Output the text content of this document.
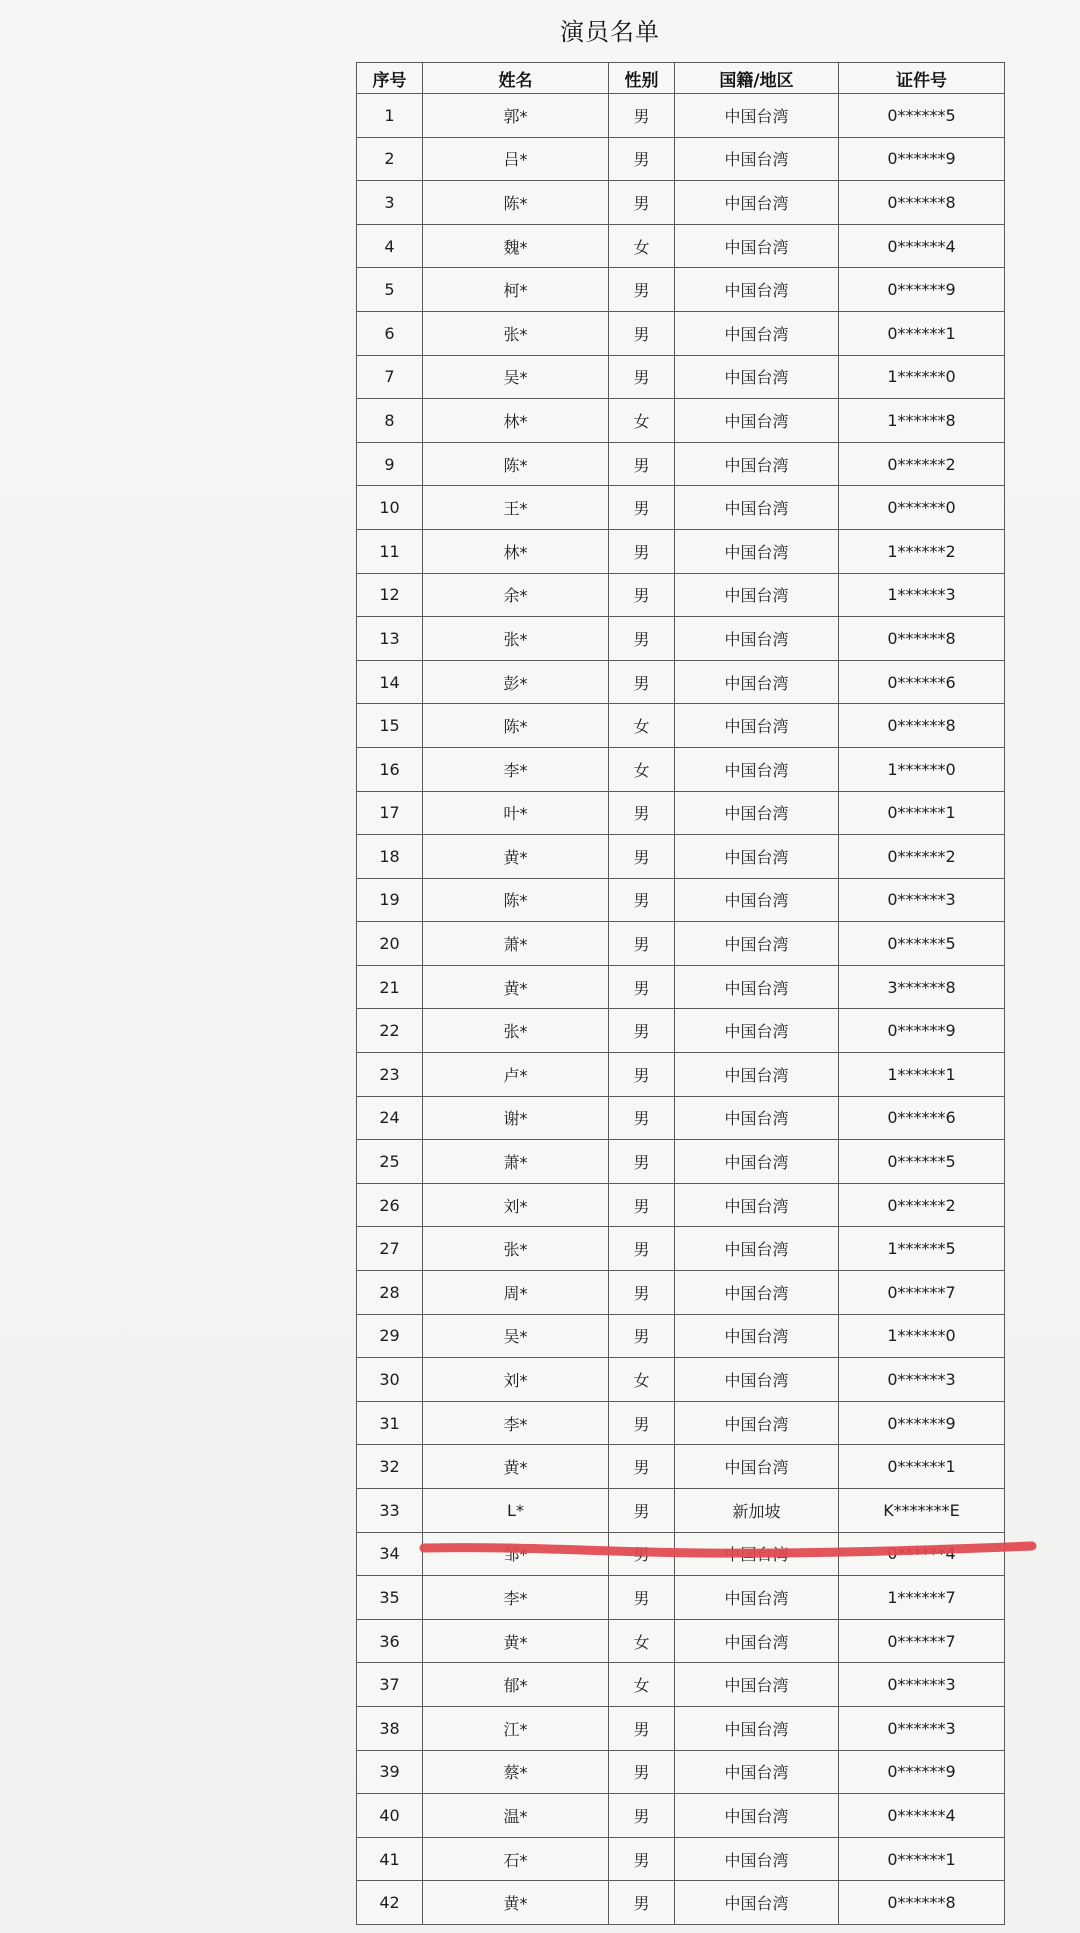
演员名单
序号	姓名	性别	国籍/地区	证件号
1	郭*	男	中国台湾	0******5
2	吕*	男	中国台湾	0******9
3	陈*	男	中国台湾	0******8
4	魏*	女	中国台湾	0******4
5	柯*	男	中国台湾	0******9
6	张*	男	中国台湾	0******1
7	吴*	男	中国台湾	1******0
8	林*	女	中国台湾	1******8
9	陈*	男	中国台湾	0******2
10	王*	男	中国台湾	0******0
11	林*	男	中国台湾	1******2
12	余*	男	中国台湾	1******3
13	张*	男	中国台湾	0******8
14	彭*	男	中国台湾	0******6
15	陈*	女	中国台湾	0******8
16	李*	女	中国台湾	1******0
17	叶*	男	中国台湾	0******1
18	黄*	男	中国台湾	0******2
19	陈*	男	中国台湾	0******3
20	萧*	男	中国台湾	0******5
21	黄*	男	中国台湾	3******8
22	张*	男	中国台湾	0******9
23	卢*	男	中国台湾	1******1
24	谢*	男	中国台湾	0******6
25	萧*	男	中国台湾	0******5
26	刘*	男	中国台湾	0******2
27	张*	男	中国台湾	1******5
28	周*	男	中国台湾	0******7
29	吴*	男	中国台湾	1******0
30	刘*	女	中国台湾	0******3
31	李*	男	中国台湾	0******9
32	黄*	男	中国台湾	0******1
33	L*	男	新加坡	K*******E
34	邹*	男	中国台湾	0******4
35	李*	男	中国台湾	1******7
36	黄*	女	中国台湾	0******7
37	郁*	女	中国台湾	0******3
38	江*	男	中国台湾	0******3
39	蔡*	男	中国台湾	0******9
40	温*	男	中国台湾	0******4
41	石*	男	中国台湾	0******1
42	黄*	男	中国台湾	0******8
